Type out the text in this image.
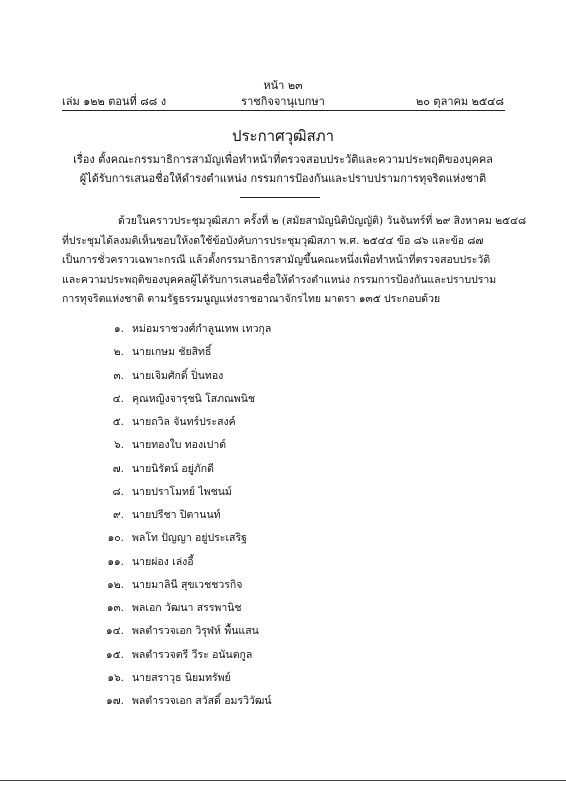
หน้า ๒๓
ราชกิจจานุเบกษา
เล่ม ๑๒๒ ตอนที่ ๘๘ ง	๒๐ ตุลาคม ๒๕๔๘
ประกาศวุฒิสภา
เรื่อง ตั้งคณะกรรมาธิการสามัญเพื่อทำหน้าที่ตรวจสอบประวัติและความประพฤติของบุคคล
ผู้ได้รับการเสนอชื่อให้ดำรงตำแหน่ง กรรมการป้องกันและปราบปรามการทุจริตแห่งชาติ
ด้วยในคราวประชุมวุฒิสภา ครั้งที่ ๒ (สมัยสามัญนิติบัญญัติ) วันจันทร์ที่ ๒๙ สิงหาคม ๒๕๔๘
ที่ประชุมได้ลงมติเห็นชอบให้งดใช้ข้อบังคับการประชุมวุฒิสภา พ.ศ. ๒๕๔๔ ข้อ ๘๖ และข้อ ๘๗
เป็นการชั่วคราวเฉพาะกรณี แล้วตั้งกรรมาธิการสามัญขึ้นคณะหนึ่งเพื่อทำหน้าที่ตรวจสอบประวัติ
และความประพฤติของบุคคลผู้ได้รับการเสนอชื่อให้ดำรงตำแหน่ง กรรมการป้องกันและปราบปราม
การทุจริตแห่งชาติ ตามรัฐธรรมนูญแห่งราชอาณาจักรไทย มาตรา ๑๓๕ ประกอบด้วย
๑. หม่อมราชวงศ์กำลูนเทพ เทวกุล
๒. นายเกษม ชัยสิทธิ์
๓. นายเจิมศักดิ์ ปิ่นทอง
๔. คุณหญิงจารุชนิ โสภณพนิช
๕. นายถวิล จันทร์ประสงค์
๖. นายทองใบ ทองเปาด์
๗. นายนิรัตน์ อยู่ภักดี
๘. นายปราโมทย์ ไพชนม์
๙. นายปรีชา ปิตานนท์
๑๐. พลโท ปัญญา อยู่ประเสริฐ
๑๑. นายผ่อง เล่งอี้
๑๒. นายมาลินี สุขเวชชวรกิจ
๑๓. พลเอก วัฒนา สรรพานิช
๑๔. พลตำรวจเอก วิรุฬห์ พื้นแสน
๑๕. พลตำรวจตรี วีระ อนันตกูล
๑๖. นายสราวุธ นิยมทรัพย์
๑๗. พลตำรวจเอก สวัสดิ์ อมรวิวัฒน์
